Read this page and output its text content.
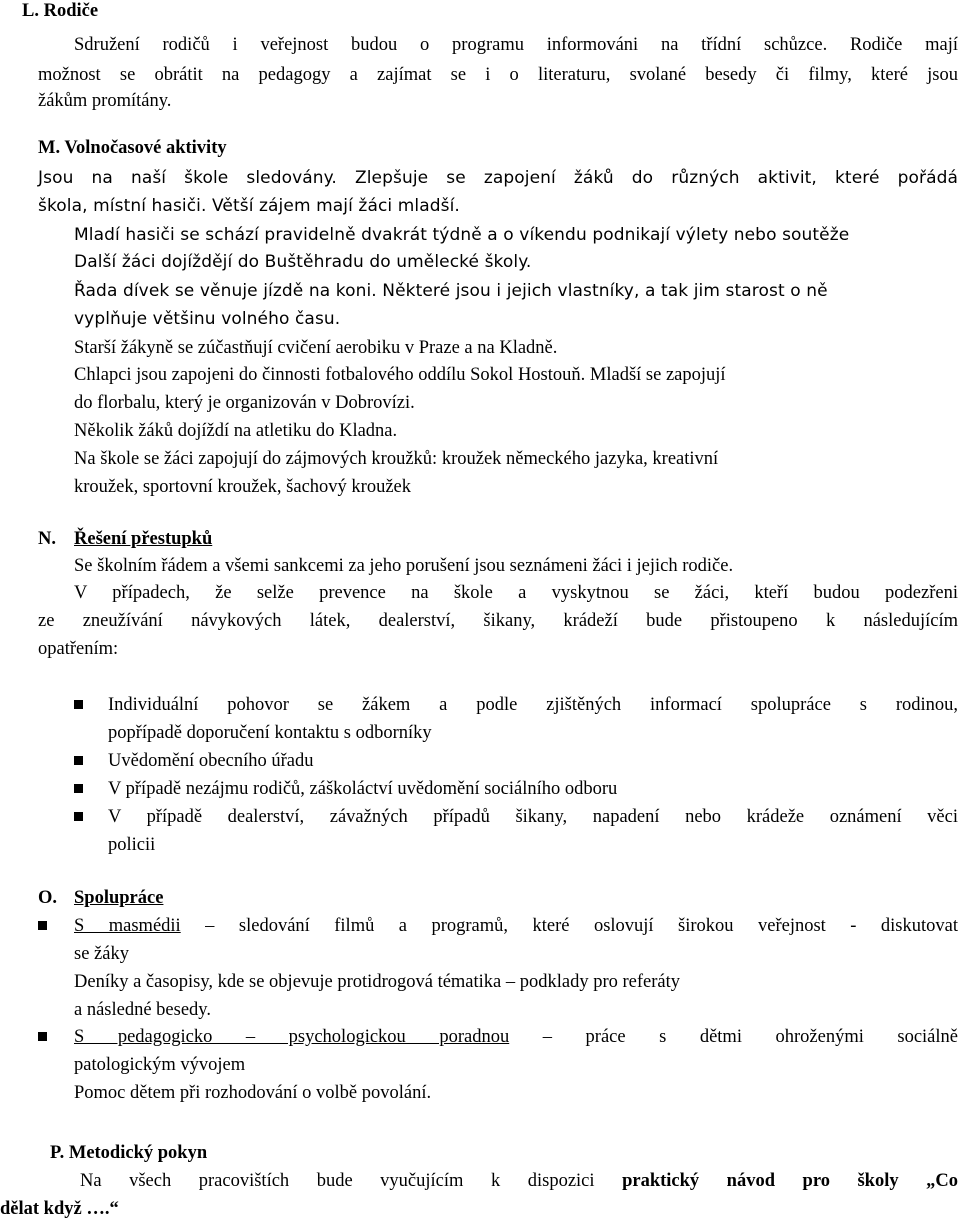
L. Rodiče
Sdružení rodičů i veřejnost budou o programu informováni na třídní schůzce. Rodiče mají
možnost se obrátit na pedagogy a zajímat se i o literaturu, svolané besedy či filmy, které jsou
žákům promítány.
M. Volnočasové aktivity
Jsou na naší škole sledovány. Zlepšuje se zapojení žáků do různých aktivit, které pořádá
škola, místní hasiči. Větší zájem mají žáci mladší.
Mladí hasiči se schází pravidelně dvakrát týdně a o víkendu podnikají výlety nebo soutěže
Další žáci dojíždějí do Buštěhradu do umělecké školy.
Řada dívek se věnuje jízdě na koni. Některé jsou i jejich vlastníky, a tak jim starost o ně
vyplňuje většinu volného času.
Starší žákyně se zúčastňují cvičení aerobiku v Praze a na Kladně.
Chlapci jsou zapojeni do činnosti fotbalového oddílu Sokol Hostouň. Mladší se zapojují
do florbalu, který je organizován v Dobrovízi.
Několik žáků dojíždí na atletiku do Kladna.
Na škole se žáci zapojují do zájmových kroužků: kroužek německého jazyka, kreativní
kroužek, sportovní kroužek, šachový kroužek
N. Řešení přestupků
Se školním řádem a všemi sankcemi za jeho porušení jsou seznámeni žáci i jejich rodiče.
V případech, že selže prevence na škole a vyskytnou se žáci, kteří budou podezřeni
ze zneužívání návykových látek, dealerství, šikany, krádeží bude přistoupeno k následujícím
opatřením:
Individuální pohovor se žákem a podle zjištěných informací spolupráce s rodinou,
popřípadě doporučení kontaktu s odborníky
Uvědomění obecního úřadu
V případě nezájmu rodičů, záškoláctví uvědomění sociálního odboru
V případě dealerství, závažných případů šikany, napadení nebo krádeže oznámení věci
policii
O. Spolupráce
S masmédii – sledování filmů a programů, které oslovují širokou veřejnost - diskutovat
se žáky
Deníky a časopisy, kde se objevuje protidrogová tématika – podklady pro referáty
a následné besedy.
S pedagogicko – psychologickou poradnou – práce s dětmi ohroženými sociálně
patologickým vývojem
Pomoc dětem při rozhodování o volbě povolání.
P. Metodický pokyn
Na všech pracovištích bude vyučujícím k dispozici praktický návod pro školy „Co
dělat když ….“
